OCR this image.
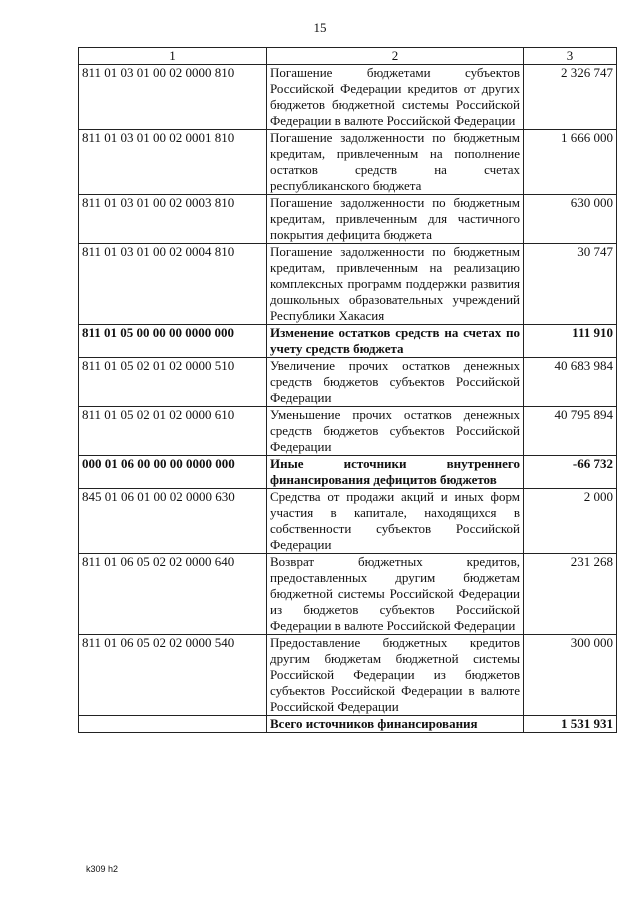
15
1	2	3
811 01 03 01 00 02 0000 810	Погашение бюджетами субъектов Российской Федерации кредитов от других бюджетов бюджетной системы Российской Федерации в валюте Российской Федерации	2 326 747
811 01 03 01 00 02 0001 810	Погашение задолженности по бюджетным кредитам, привлеченным на пополнение остатков средств на счетах республиканского бюджета	1 666 000
811 01 03 01 00 02 0003 810	Погашение задолженности по бюджетным кредитам, привлеченным для частичного покрытия дефицита бюджета	630 000
811 01 03 01 00 02 0004 810	Погашение задолженности по бюджетным кредитам, привлеченным на реализацию комплексных программ поддержки развития дошкольных образовательных учреждений Республики Хакасия	30 747
811 01 05 00 00 00 0000 000	Изменение остатков средств на счетах по учету средств бюджета	111 910
811 01 05 02 01 02 0000 510	Увеличение прочих остатков денежных средств бюджетов субъектов Российской Федерации	40 683 984
811 01 05 02 01 02 0000 610	Уменьшение прочих остатков денежных средств бюджетов субъектов Российской Федерации	40 795 894
000 01 06 00 00 00 0000 000	Иные источники внутреннего финансирования дефицитов бюджетов	-66 732
845 01 06 01 00 02 0000 630	Средства от продажи акций и иных форм участия в капитале, находящихся в собственности субъектов Российской Федерации	2 000
811 01 06 05 02 02 0000 640	Возврат бюджетных кредитов, предоставленных другим бюджетам бюджетной системы Российской Федерации из бюджетов субъектов Российской Федерации в валюте Российской Федерации	231 268
811 01 06 05 02 02 0000 540	Предоставление бюджетных кредитов другим бюджетам бюджетной системы Российской Федерации из бюджетов субъектов Российской Федерации в валюте Российской Федерации	300 000
	Всего источников финансирования	1 531 931
k309 h2
